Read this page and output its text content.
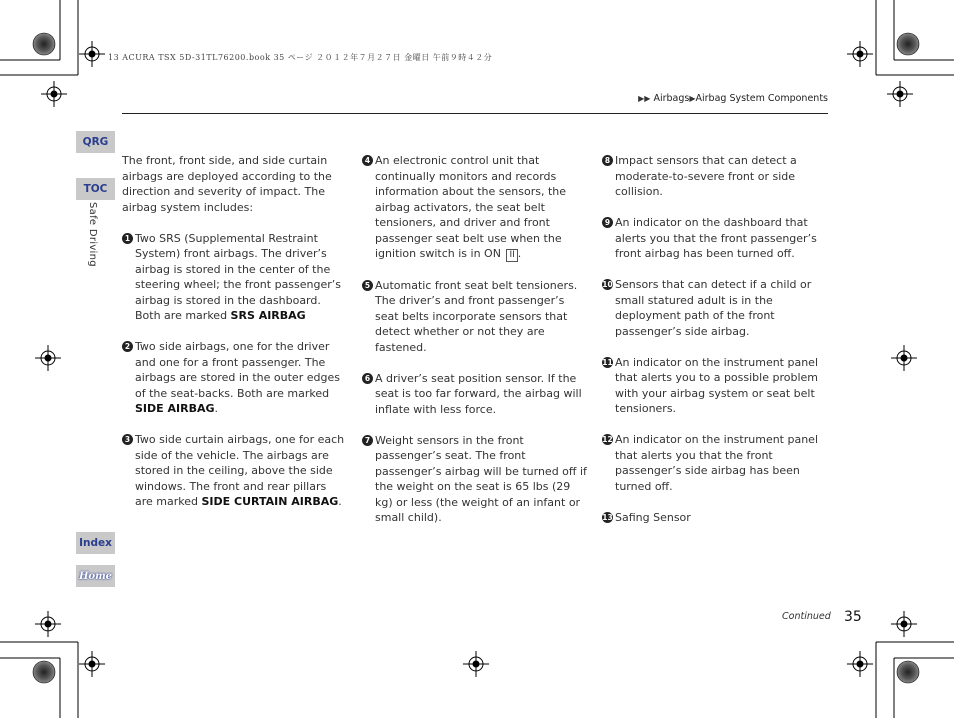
13 ACURA TSX 5D-31TL76200.book 35 ページ ２０１２年７月２７日 金曜日 午前９時４２分
▶▶ Airbags▶Airbag System Components
QRG
TOC
Safe Driving
Index
Home

The front, front side, and side curtain airbags are deployed according to the direction and severity of impact. The airbag system includes:

1 Two SRS (Supplemental Restraint System) front airbags. The driver’s airbag is stored in the center of the steering wheel; the front passenger’s airbag is stored in the dashboard. Both are marked SRS AIRBAG
2 Two side airbags, one for the driver and one for a front passenger. The airbags are stored in the outer edges of the seat-backs. Both are marked SIDE AIRBAG.
3 Two side curtain airbags, one for each side of the vehicle. The airbags are stored in the ceiling, above the side windows. The front and rear pillars are marked SIDE CURTAIN AIRBAG.
4 An electronic control unit that continually monitors and records information about the sensors, the airbag activators, the seat belt tensioners, and driver and front passenger seat belt use when the ignition switch is in ON II .
5 Automatic front seat belt tensioners. The driver’s and front passenger’s seat belts incorporate sensors that detect whether or not they are fastened.
6 A driver’s seat position sensor. If the seat is too far forward, the airbag will inflate with less force.
7 Weight sensors in the front passenger’s seat. The front passenger’s airbag will be turned off if the weight on the seat is 65 lbs (29 kg) or less (the weight of an infant or small child).
8 Impact sensors that can detect a moderate-to-severe front or side collision.
9 An indicator on the dashboard that alerts you that the front passenger’s front airbag has been turned off.
10 Sensors that can detect if a child or small statured adult is in the deployment path of the front passenger’s side airbag.
11 An indicator on the instrument panel that alerts you to a possible problem with your airbag system or seat belt tensioners.
12 An indicator on the instrument panel that alerts you that the front passenger’s side airbag has been turned off.
13 Safing Sensor
Continued 35
